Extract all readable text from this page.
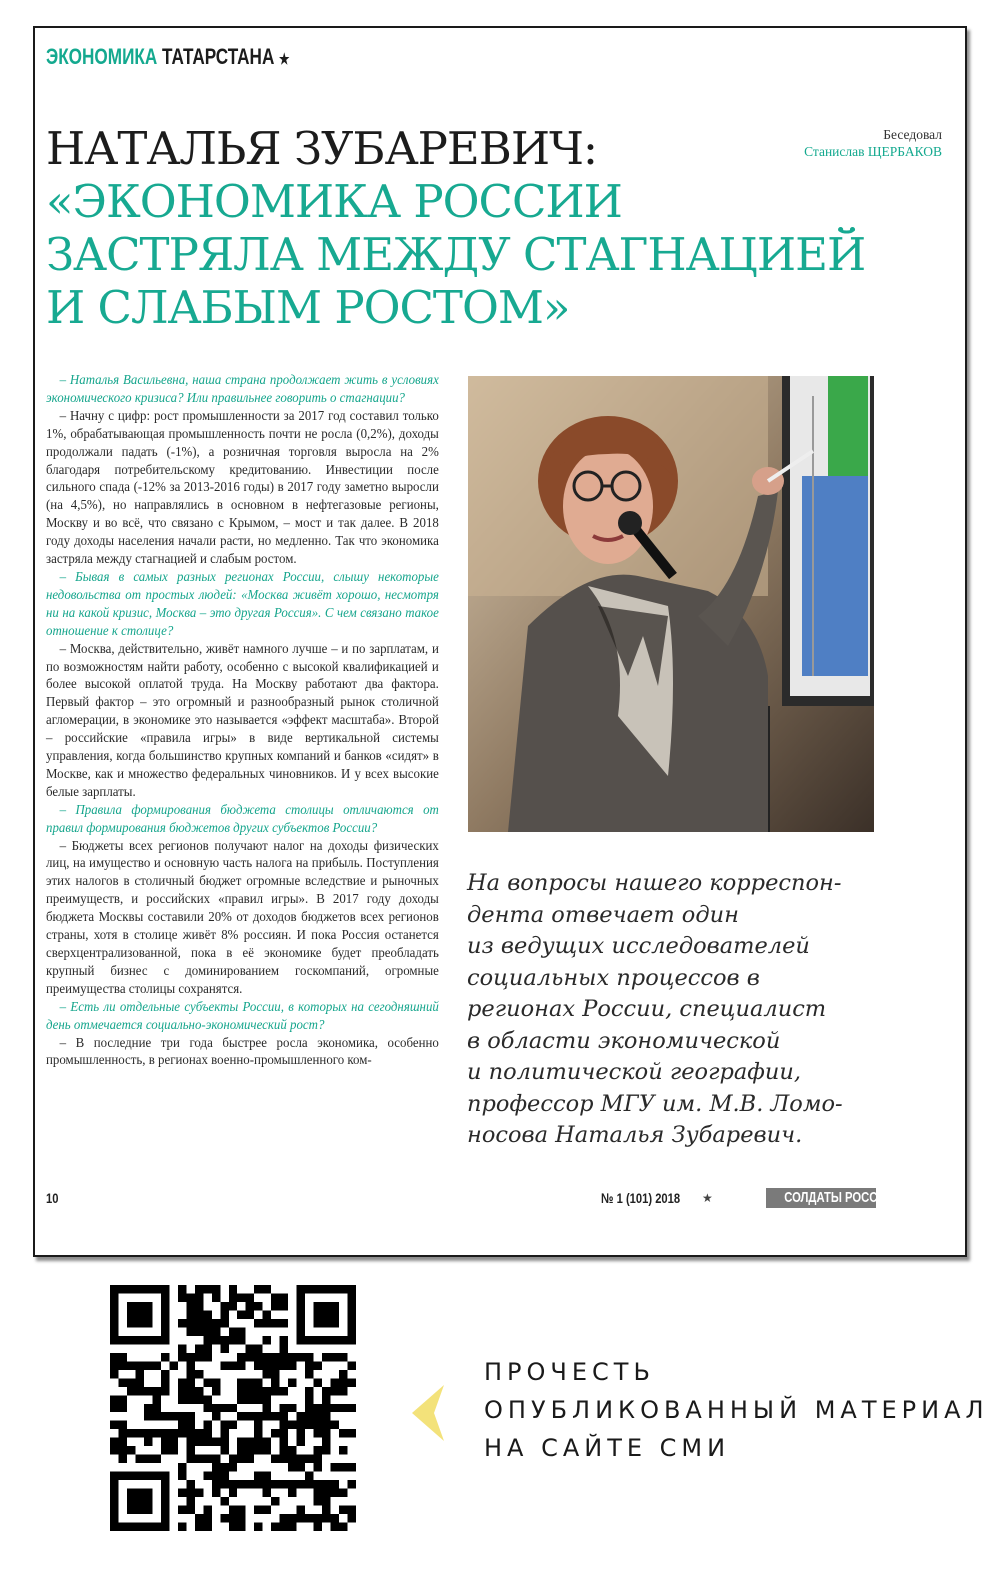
ЭКОНОМИКА ТАТАРСТАНА ★
Беседовал
Станислав ЩЕРБАКОВ
НАТАЛЬЯ ЗУБАРЕВИЧ:
«ЭКОНОМИКА РОССИИ
ЗАСТРЯЛА МЕЖДУ СТАГНАЦИЕЙ
И СЛАБЫМ РОСТОМ»

– Наталья Васильевна, наша страна продолжает жить в условиях экономического кризиса? Или правильнее говорить о стагнации?

– Начну с цифр: рост промышленности за 2017 год составил только 1%, обрабатывающая промышленность почти не росла (0,2%), доходы продолжали падать (-1%), а розничная торговля выросла на 2% благодаря потребительскому кредитованию. Инвестиции после сильного спада (-12% за 2013-2016 годы) в 2017 году заметно выросли (на 4,5%), но направлялись в основном в нефтегазовые регионы, Москву и во всё, что связано с Крымом, – мост и так далее. В 2018 году доходы населения начали расти, но медленно. Так что экономика застряла между стагнацией и слабым ростом.

– Бывая в самых разных регионах России, слышу некоторые недовольства от простых людей: «Москва живёт хорошо, несмотря ни на какой кризис, Москва – это другая Россия». С чем связано такое отношение к столице?

– Москва, действительно, живёт намного лучше – и по зарплатам, и по возможностям найти работу, особенно с высокой квалификацией и более высокой оплатой труда. На Москву работают два фактора. Первый фактор – это огромный и разнообразный рынок столичной агломерации, в экономике это называется «эффект масштаба». Второй – российские «правила игры» в виде вертикальной системы управления, когда большинство крупных компаний и банков «сидят» в Москве, как и множество федеральных чиновников. И у всех высокие белые зарплаты.

– Правила формирования бюджета столицы отличаются от правил формирования бюджетов других субъектов России?

– Бюджеты всех регионов получают налог на доходы физических лиц, на имущество и основную часть налога на прибыль. Поступления этих налогов в столичный бюджет огромные вследствие и рыночных преимуществ, и российских «правил игры». В 2017 году доходы бюджета Москвы составили 20% от доходов бюджетов всех регионов страны, хотя в столице живёт 8% россиян. И пока Россия останется сверхцентрализованной, пока в её экономике будет преобладать крупный бизнес с доминированием госкомпаний, огромные преимущества столицы сохранятся.

– Есть ли отдельные субъекты России, в которых на сегодняшний день отмечается социально-экономический рост?

– В последние три года быстрее росла экономика, особенно промышленность, в регионах военно-промышленного ком-

На вопросы нашего корреспон-
дента отвечает один
из ведущих исследователей
социальных процессов в
регионах России, специалист
в области экономической
и политической географии,
профессор МГУ им. М.В. Ломо-
носова Наталья Зубаревич.
10	№ 1 (101) 2018 ★	СОЛДАТЫ РОССИИ
ПРОЧЕСТЬ
ОПУБЛИКОВАННЫЙ МАТЕРИАЛ
НА САЙТЕ СМИ
